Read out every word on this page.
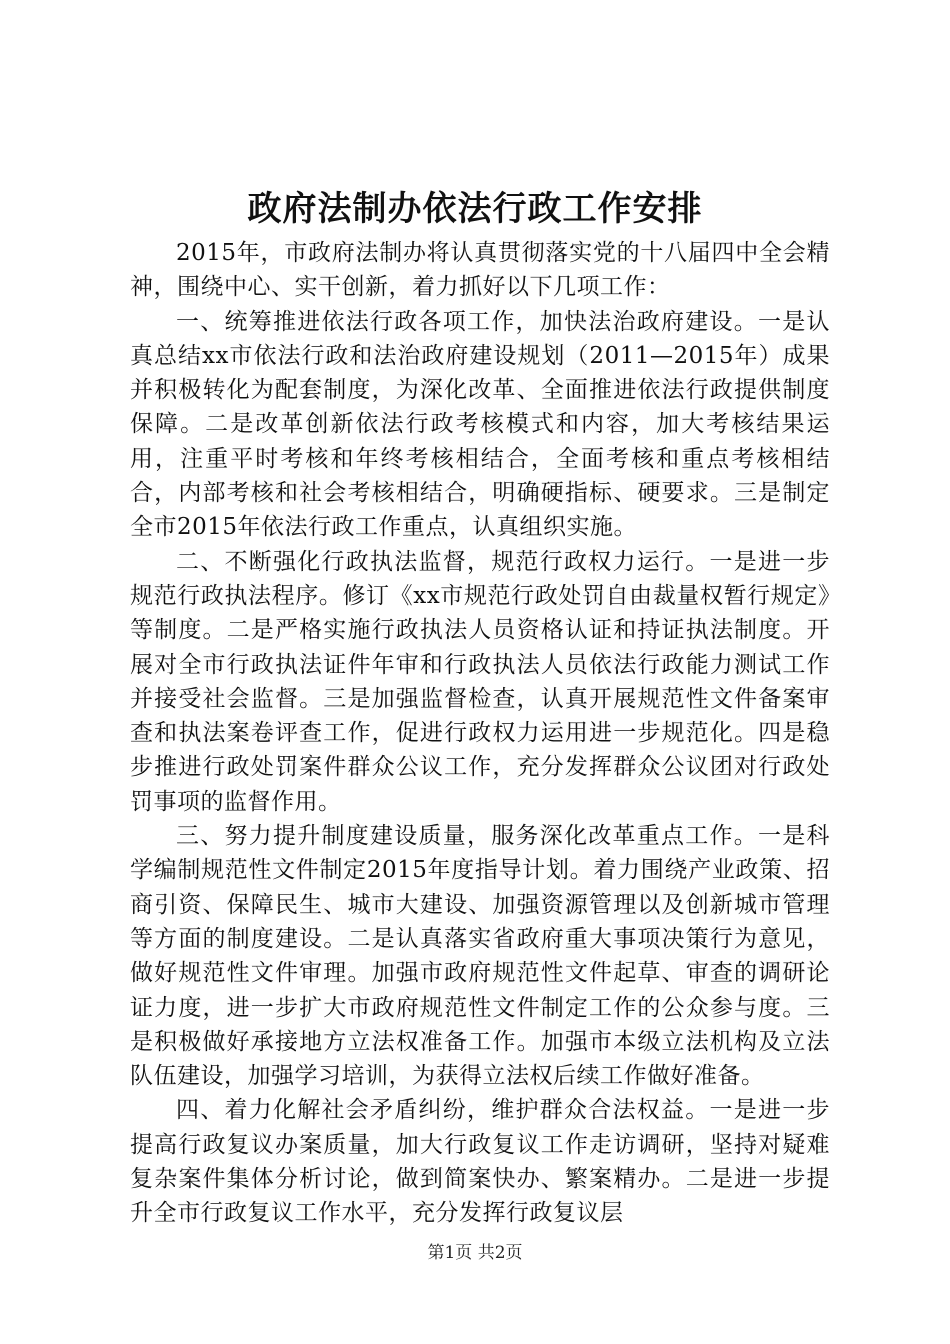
政府法制办依法行政工作安排

2015年，市政府法制办将认真贯彻落实党的十八届四中全会精神，围绕中心、实干创新，着力抓好以下几项工作：

一、统筹推进依法行政各项工作，加快法治政府建设。一是认真总结xx市依法行政和法治政府建设规划（2011—2015年）成果并积极转化为配套制度，为深化改革、全面推进依法行政提供制度保障。二是改革创新依法行政考核模式和内容，加大考核结果运用，注重平时考核和年终考核相结合，全面考核和重点考核相结合，内部考核和社会考核相结合，明确硬指标、硬要求。三是制定全市2015年依法行政工作重点，认真组织实施。

二、不断强化行政执法监督，规范行政权力运行。一是进一步规范行政执法程序。修订《xx市规范行政处罚自由裁量权暂行规定》等制度。二是严格实施行政执法人员资格认证和持证执法制度。开展对全市行政执法证件年审和行政执法人员依法行政能力测试工作并接受社会监督。三是加强监督检查，认真开展规范性文件备案审查和执法案卷评查工作，促进行政权力运用进一步规范化。四是稳步推进行政处罚案件群众公议工作，充分发挥群众公议团对行政处罚事项的监督作用。

三、努力提升制度建设质量，服务深化改革重点工作。一是科学编制规范性文件制定2015年度指导计划。着力围绕产业政策、招商引资、保障民生、城市大建设、加强资源管理以及创新城市管理等方面的制度建设。二是认真落实省政府重大事项决策行为意见，做好规范性文件审理。加强市政府规范性文件起草、审查的调研论证力度，进一步扩大市政府规范性文件制定工作的公众参与度。三是积极做好承接地方立法权准备工作。加强市本级立法机构及立法队伍建设，加强学习培训，为获得立法权后续工作做好准备。

四、着力化解社会矛盾纠纷，维护群众合法权益。一是进一步提高行政复议办案质量，加大行政复议工作走访调研，坚持对疑难复杂案件集体分析讨论，做到简案快办、繁案精办。二是进一步提升全市行政复议工作水平，充分发挥行政复议层

第1页 共2页
